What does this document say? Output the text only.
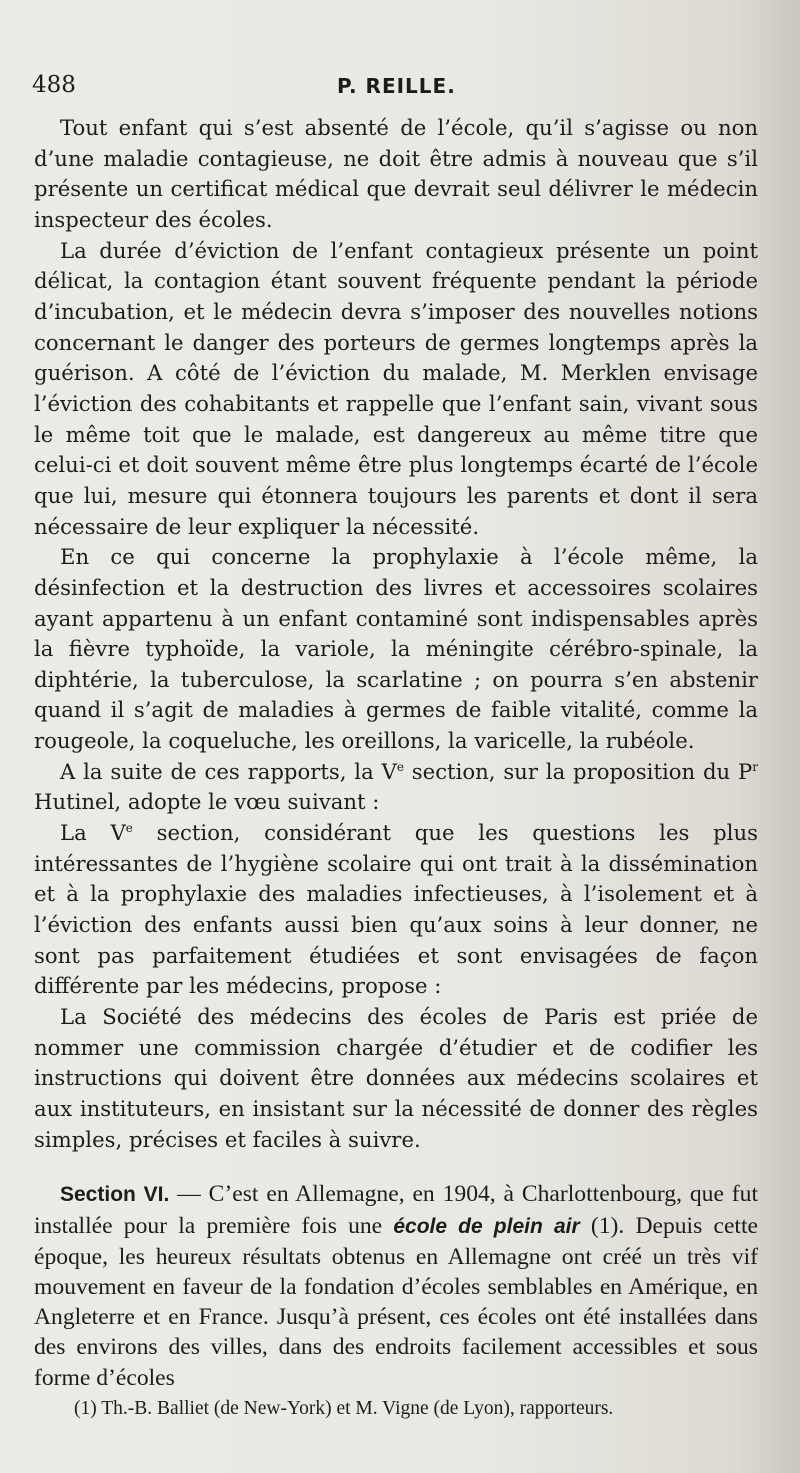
488	P. REILLE.

Tout enfant qui s’est absenté de l’école, qu’il s’agisse ou non d’une maladie contagieuse, ne doit être admis à nouveau que s’il présente un certificat médical que devrait seul délivrer le médecin inspecteur des écoles.

La durée d’éviction de l’enfant contagieux présente un point délicat, la contagion étant souvent fréquente pendant la période d’incubation, et le médecin devra s’imposer des nouvelles notions concernant le danger des porteurs de germes longtemps après la guérison. A côté de l’éviction du malade, M. Merklen envisage l’éviction des cohabitants et rappelle que l’enfant sain, vivant sous le même toit que le malade, est dangereux au même titre que celui-ci et doit souvent même être plus longtemps écarté de l’école que lui, mesure qui étonnera toujours les parents et dont il sera nécessaire de leur expliquer la nécessité.

En ce qui concerne la prophylaxie à l’école même, la désinfection et la destruction des livres et accessoires scolaires ayant appartenu à un enfant contaminé sont indispensables après la fièvre typhoïde, la variole, la méningite cérébro-spinale, la diphtérie, la tuberculose, la scarlatine ; on pourra s’en abstenir quand il s’agit de maladies à germes de faible vitalité, comme la rougeole, la coqueluche, les oreillons, la varicelle, la rubéole.

A la suite de ces rapports, la Ve section, sur la proposition du $P^r$ Hutinel, adopte le vœu suivant :

La Ve section, considérant que les questions les plus intéressantes de l’hygiène scolaire qui ont trait à la dissémination et à la prophylaxie des maladies infectieuses, à l’isolement et à l’éviction des enfants aussi bien qu’aux soins à leur donner, ne sont pas parfaitement étudiées et sont envisagées de façon différente par les médecins, propose :

La Société des médecins des écoles de Paris est priée de nommer une commission chargée d’étudier et de codifier les instructions qui doivent être données aux médecins scolaires et aux instituteurs, en insistant sur la nécessité de donner des règles simples, précises et faciles à suivre.

Section VI. — C’est en Allemagne, en 1904, à Charlottenbourg, que fut installée pour la première fois une école de plein air (1). Depuis cette époque, les heureux résultats obtenus en Allemagne ont créé un très vif mouvement en faveur de la fondation d’écoles semblables en Amérique, en Angleterre et en France. Jusqu’à présent, ces écoles ont été installées dans des environs des villes, dans des endroits facilement accessibles et sous forme d’écoles

(1) Th.-B. Balliet (de New-York) et M. Vigne (de Lyon), rapporteurs.
